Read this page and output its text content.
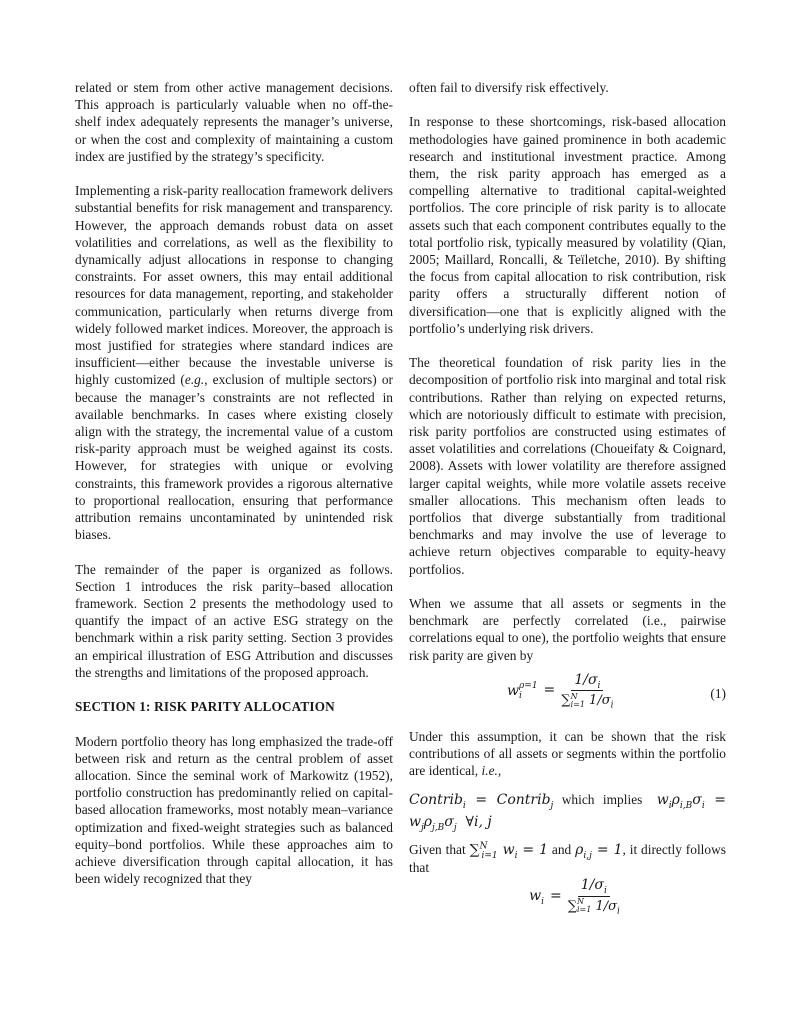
related or stem from other active management decisions. This approach is particularly valuable when no off-the-shelf index adequately represents the manager’s universe, or when the cost and complexity of maintaining a custom index are justified by the strategy’s specificity.

Implementing a risk-parity reallocation framework delivers substantial benefits for risk management and transparency. However, the approach demands robust data on asset volatilities and correlations, as well as the flexibility to dynamically adjust allocations in response to changing constraints. For asset owners, this may entail additional resources for data management, reporting, and stakeholder communication, particularly when returns diverge from widely followed market indices. Moreover, the approach is most justified for strategies where standard indices are insufficient—either because the investable universe is highly customized (e.g., exclusion of multiple sectors) or because the manager’s constraints are not reflected in available benchmarks. In cases where existing closely align with the strategy, the incremental value of a custom risk-parity approach must be weighed against its costs. However, for strategies with unique or evolving constraints, this framework provides a rigorous alternative to proportional reallocation, ensuring that performance attribution remains uncontaminated by unintended risk biases.

The remainder of the paper is organized as follows. Section 1 introduces the risk parity–based allocation framework. Section 2 presents the methodology used to quantify the impact of an active ESG strategy on the benchmark within a risk parity setting. Section 3 provides an empirical illustration of ESG Attribution and discusses the strengths and limitations of the proposed approach.

SECTION 1: RISK PARITY ALLOCATION

Modern portfolio theory has long emphasized the trade-off between risk and return as the central problem of asset allocation. Since the seminal work of Markowitz (1952), portfolio construction has predominantly relied on capital-based allocation frameworks, most notably mean–variance optimization and fixed-weight strategies such as balanced equity–bond portfolios. While these approaches aim to achieve diversification through capital allocation, it has been widely recognized that they

often fail to diversify risk effectively.

In response to these shortcomings, risk-based allocation methodologies have gained prominence in both academic research and institutional investment practice. Among them, the risk parity approach has emerged as a compelling alternative to traditional capital-weighted portfolios. The core principle of risk parity is to allocate assets such that each component contributes equally to the total portfolio risk, typically measured by volatility (Qian, 2005; Maillard, Roncalli, & Teïletche, 2010). By shifting the focus from capital allocation to risk contribution, risk parity offers a structurally different notion of diversification—one that is explicitly aligned with the portfolio’s underlying risk drivers.

The theoretical foundation of risk parity lies in the decomposition of portfolio risk into marginal and total risk contributions. Rather than relying on expected returns, which are notoriously difficult to estimate with precision, risk parity portfolios are constructed using estimates of asset volatilities and correlations (Choueifaty & Coignard, 2008). Assets with lower volatility are therefore assigned larger capital weights, while more volatile assets receive smaller allocations. This mechanism often leads to portfolios that diverge substantially from traditional benchmarks and may involve the use of leverage to achieve return objectives comparable to equity-heavy portfolios.

When we assume that all assets or segments in the benchmark are perfectly correlated (i.e., pairwise correlations equal to one), the portfolio weights that ensure risk parity are given by

w ρ=1
i	= $1/\sigma_i$
∑ N
i=1 $1/\sigma_i$	(1)

Under this assumption, it can be shown that the risk contributions of all assets or segments within the portfolio are identical, i.e.,

Contrib$_i$ = Contrib$_j$ which implies $w_i\rho_{i,B}\sigma_i = w_j\rho_{j,B}\sigma_j$ ∀i, j
Given that ∑$^N_{i=1}$ $w_i = 1$ and $\rho_{i,j} = 1$, it directly follows that
$w_i = 1/\sigma_i$
∑ N
i=1 $1/\sigma_i$
